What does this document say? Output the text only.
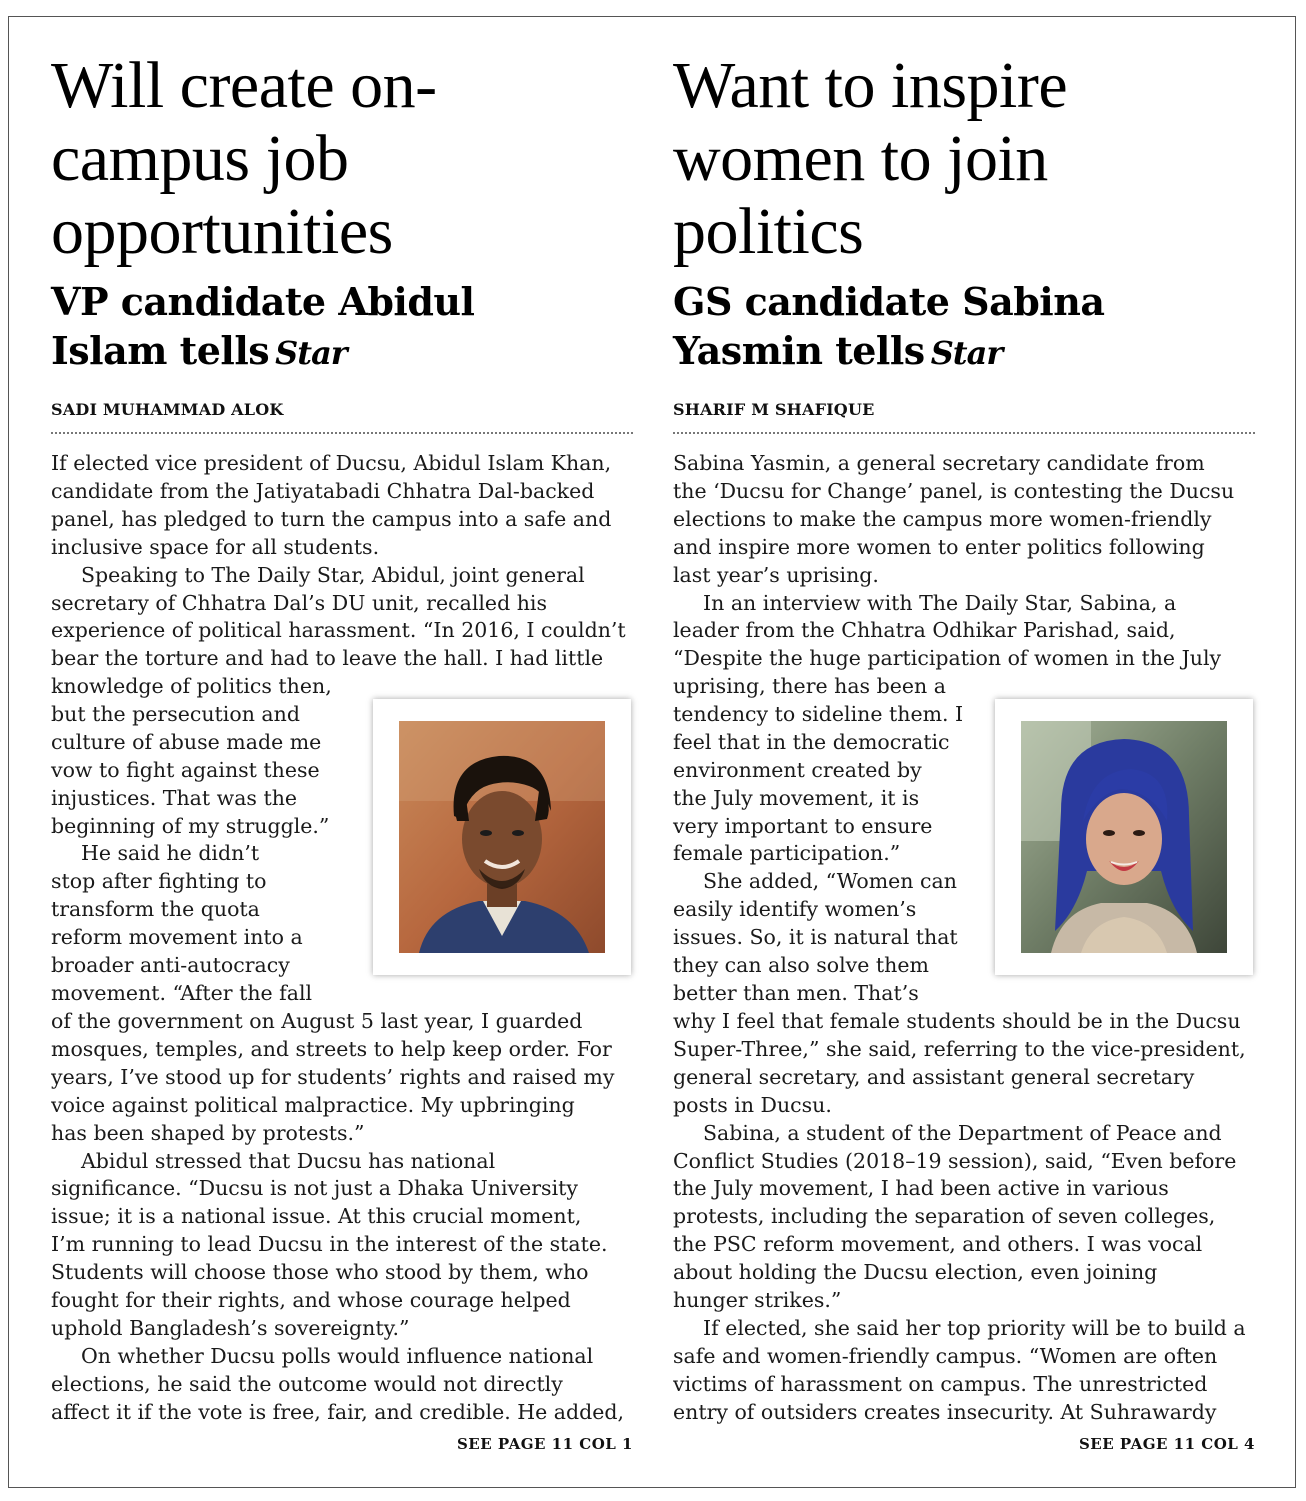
Will create on-
campus job
opportunities
VP candidate Abidul
Islam tells Star
SADI MUHAMMAD ALOK

If elected vice president of Ducsu, Abidul Islam Khan,

candidate from the Jatiyatabadi Chhatra Dal-backed

panel, has pledged to turn the campus into a safe and

inclusive space for all students.

Speaking to The Daily Star, Abidul, joint general

secretary of Chhatra Dal’s DU unit, recalled his

experience of political harassment. “In 2016, I couldn’t

bear the torture and had to leave the hall. I had little

knowledge of politics then,

but the persecution and

culture of abuse made me

vow to fight against these

injustices. That was the

beginning of my struggle.”

He said he didn’t

stop after fighting to

transform the quota

reform movement into a

broader anti-autocracy

movement. “After the fall

of the government on August 5 last year, I guarded

mosques, temples, and streets to help keep order. For

years, I’ve stood up for students’ rights and raised my

voice against political malpractice. My upbringing

has been shaped by protests.”

Abidul stressed that Ducsu has national

significance. “Ducsu is not just a Dhaka University

issue; it is a national issue. At this crucial moment,

I’m running to lead Ducsu in the interest of the state.

Students will choose those who stood by them, who

fought for their rights, and whose courage helped

uphold Bangladesh’s sovereignty.”

On whether Ducsu polls would influence national

elections, he said the outcome would not directly

affect it if the vote is free, fair, and credible. He added,

SEE PAGE 11 COL 1
Want to inspire
women to join
politics
GS candidate Sabina
Yasmin tells Star
SHARIF M SHAFIQUE

Sabina Yasmin, a general secretary candidate from

the ‘Ducsu for Change’ panel, is contesting the Ducsu

elections to make the campus more women-friendly

and inspire more women to enter politics following

last year’s uprising.

In an interview with The Daily Star, Sabina, a

leader from the Chhatra Odhikar Parishad, said,

“Despite the huge participation of women in the July

uprising, there has been a

tendency to sideline them. I

feel that in the democratic

environment created by

the July movement, it is

very important to ensure

female participation.”

She added, “Women can

easily identify women’s

issues. So, it is natural that

they can also solve them

better than men. That’s

why I feel that female students should be in the Ducsu

Super-Three,” she said, referring to the vice-president,

general secretary, and assistant general secretary

posts in Ducsu.

Sabina, a student of the Department of Peace and

Conflict Studies (2018–19 session), said, “Even before

the July movement, I had been active in various

protests, including the separation of seven colleges,

the PSC reform movement, and others. I was vocal

about holding the Ducsu election, even joining

hunger strikes.”

If elected, she said her top priority will be to build a

safe and women-friendly campus. “Women are often

victims of harassment on campus. The unrestricted

entry of outsiders creates insecurity. At Suhrawardy

SEE PAGE 11 COL 4
